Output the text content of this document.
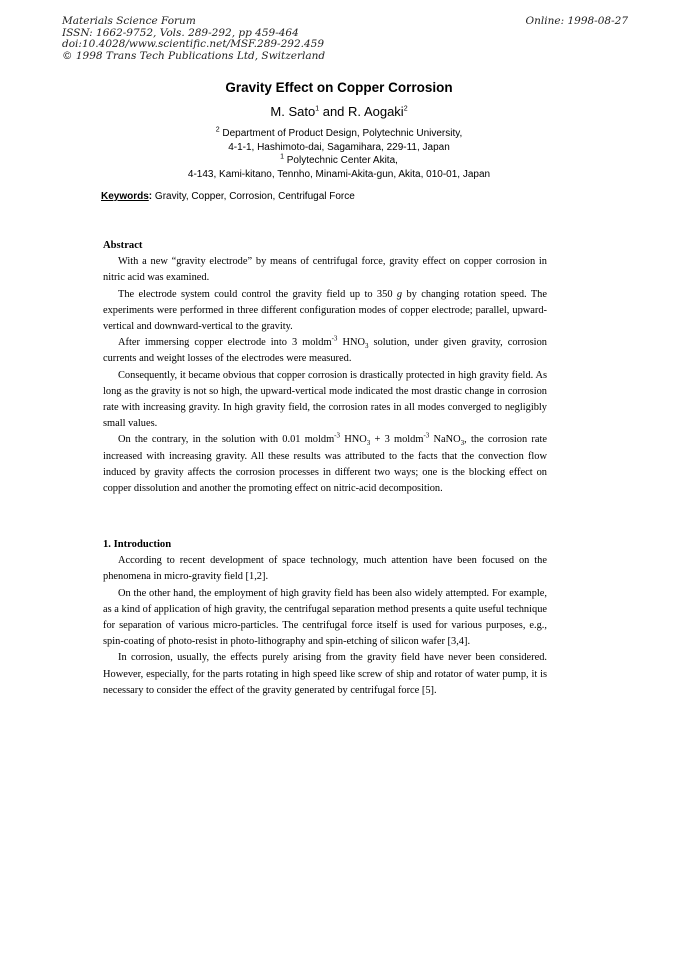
Materials Science Forum
ISSN: 1662-9752, Vols. 289-292, pp 459-464
doi:10.4028/www.scientific.net/MSF.289-292.459
© 1998 Trans Tech Publications Ltd, Switzerland
Online: 1998-08-27
Gravity Effect on Copper Corrosion
M. Sato$^1$ and R. Aogaki$^2$
$^2$ Department of Product Design, Polytechnic University,
4-1-1, Hashimoto-dai, Sagamihara, 229-11, Japan
$^1$ Polytechnic Center Akita,
4-143, Kami-kitano, Tennho, Minami-Akita-gun, Akita, 010-01, Japan
Keywords: Gravity, Copper, Corrosion, Centrifugal Force
Abstract

With a new “gravity electrode” by means of centrifugal force, gravity effect on copper corrosion in nitric acid was examined.

The electrode system could control the gravity field up to 350 g by changing rotation speed. The experiments were performed in three different configuration modes of copper electrode; parallel, upward- vertical and downward-vertical to the gravity.

After immersing copper electrode into 3 moldm$^{-3}$ $HNO_3$ solution, under given gravity, corrosion currents and weight losses of the electrodes were measured.

Consequently, it became obvious that copper corrosion is drastically protected in high gravity field. As long as the gravity is not so high, the upward-vertical mode indicated the most drastic change in corrosion rate with increasing gravity. In high gravity field, the corrosion rates in all modes converged to negligibly small values.

On the contrary, in the solution with 0.01 moldm$^{-3}$ $HNO_3 + 3$ moldm$^{-3}$ NaNO$_3$, the corrosion rate increased with increasing gravity. All these results was attributed to the facts that the convection flow induced by gravity affects the corrosion processes in different two ways; one is the blocking effect on copper dissolution and another the promoting effect on nitric-acid decomposition.

1. Introduction

According to recent development of space technology, much attention have been focused on the phenomena in micro-gravity field [1,2].

On the other hand, the employment of high gravity field has been also widely attempted. For example, as a kind of application of high gravity, the centrifugal separation method presents a quite useful technique for separation of various micro-particles. The centrifugal force itself is used for various purposes, e.g., spin-coating of photo-resist in photo-lithography and spin-etching of silicon wafer [3,4].

In corrosion, usually, the effects purely arising from the gravity field have never been considered. However, especially, for the parts rotating in high speed like screw of ship and rotator of water pump, it is necessary to consider the effect of the gravity generated by centrifugal force [5].
